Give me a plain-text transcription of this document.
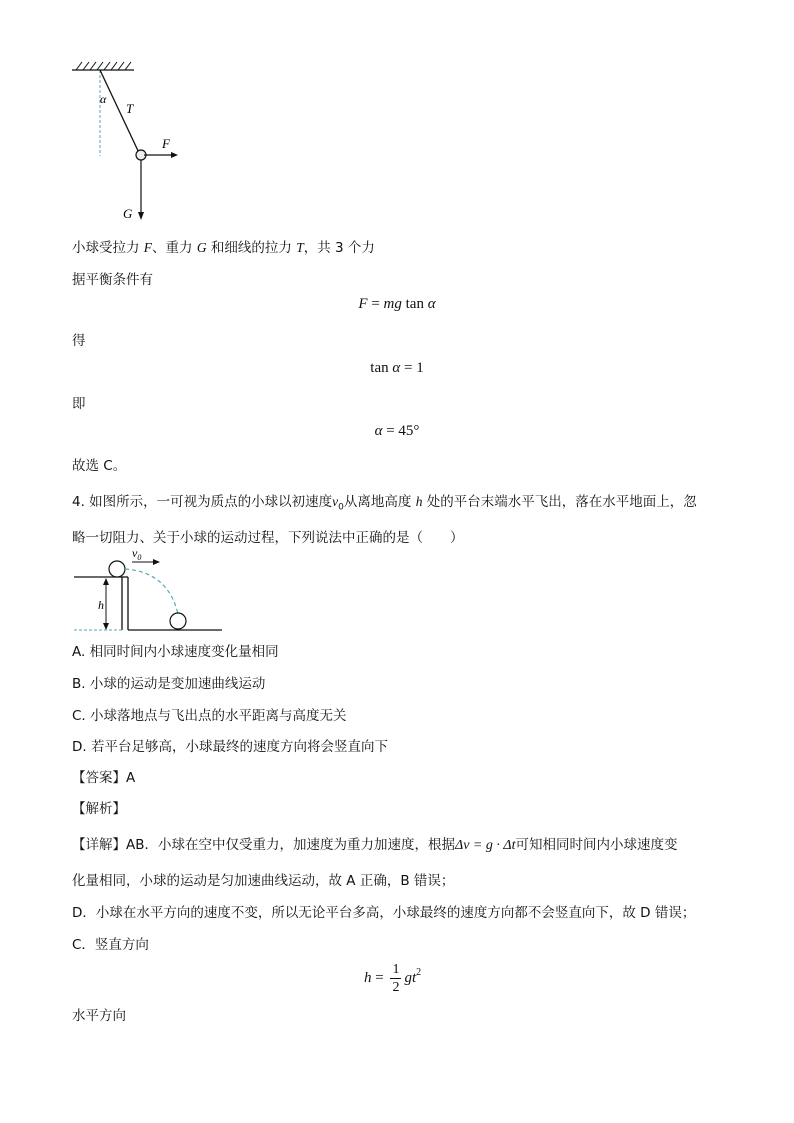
α
T
F
G
小球受拉力 F、重力 G 和细线的拉力 T，共 3 个力
据平衡条件有
F = mg tan α
得
tan α = 1
即
α = 45°
故选 C。
4. 如图所示，一可视为质点的小球以初速度$v_0$从离地高度 h 处的平台末端水平飞出，落在水平地面上，忽
略一切阻力、关于小球的运动过程，下列说法中正确的是（　　）
$v_0$
h
A. 相同时间内小球速度变化量相同
B. 小球的运动是变加速曲线运动
C. 小球落地点与飞出点的水平距离与高度无关
D. 若平台足够高，小球最终的速度方向将会竖直向下
【答案】A
【解析】
【详解】AB．小球在空中仅受重力，加速度为重力加速度，根据Δv = g · Δt可知相同时间内小球速度变
化量相同，小球的运动是匀加速曲线运动，故 A 正确，B 错误；
D．小球在水平方向的速度不变，所以无论平台多高，小球最终的速度方向都不会竖直向下，故 D 错误；
C．竖直方向
$h = \frac{1}{2} gt^2$
水平方向
